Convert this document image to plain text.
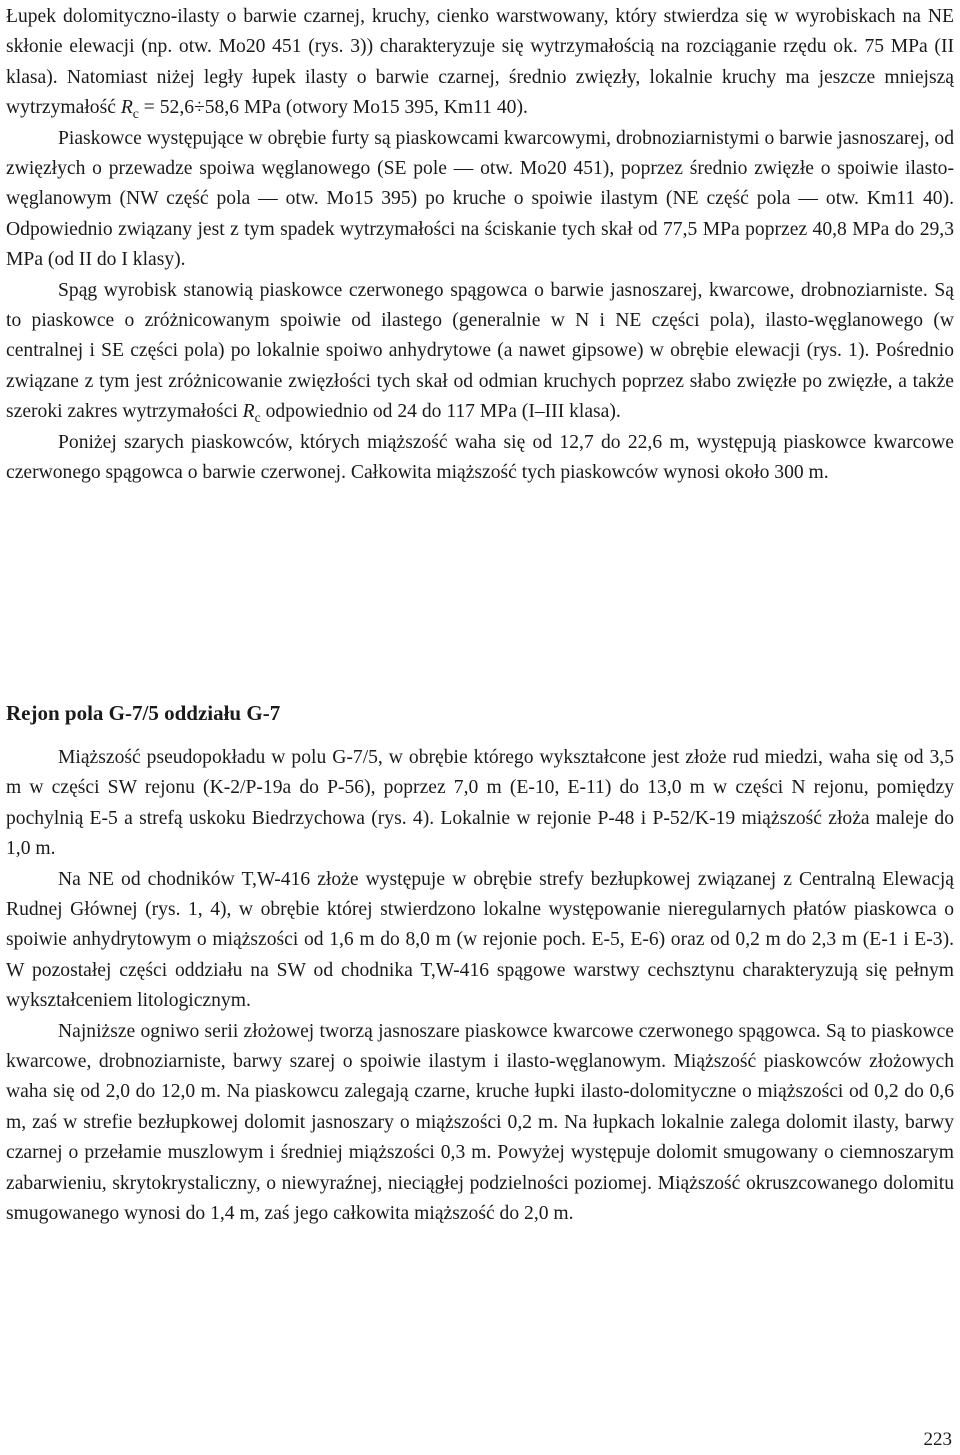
Łupek dolomityczno-ilasty o barwie czarnej, kruchy, cienko warstwowany, który stwierdza się w wyrobiskach na NE skłonie elewacji (np. otw. Mo20 451 (rys. 3)) charakteryzuje się wytrzymałością na rozciąganie rzędu ok. 75 MPa (II klasa). Natomiast niżej legły łupek ilasty o barwie czarnej, średnio zwięzły, lokalnie kruchy ma jeszcze mniejszą wytrzymałość $R_c = 52,6\div 58,6$ MPa (otwory Mo15 395, Km11 40).

Piaskowce występujące w obrębie furty są piaskowcami kwarcowymi, drobnoziarnistymi o barwie jasnoszarej, od zwięzłych o przewadze spoiwa węglanowego (SE pole — otw. Mo20 451), poprzez średnio zwięzłe o spoiwie ilasto-węglanowym (NW część pola — otw. Mo15 395) po kruche o spoiwie ilastym (NE część pola — otw. Km11 40). Odpowiednio związany jest z tym spadek wytrzymałości na ściskanie tych skał od 77,5 MPa poprzez 40,8 MPa do 29,3 MPa (od II do I klasy).

Spąg wyrobisk stanowią piaskowce czerwonego spągowca o barwie jasnoszarej, kwarcowe, drobnoziarniste. Są to piaskowce o zróżnicowanym spoiwie od ilastego (generalnie w N i NE części pola), ilasto-węglanowego (w centralnej i SE części pola) po lokalnie spoiwo anhydrytowe (a nawet gipsowe) w obrębie elewacji (rys. 1). Pośrednio związane z tym jest zróżnicowanie zwięzłości tych skał od odmian kruchych poprzez słabo zwięzłe po zwięzłe, a także szeroki zakres wytrzymałości $R_c$ odpowiednio od 24 do 117 MPa (I–III klasa).

Poniżej szarych piaskowców, których miąższość waha się od 12,7 do 22,6 m, występują piaskowce kwarcowe czerwonego spągowca o barwie czerwonej. Całkowita miąższość tych piaskowców wynosi około 300 m.

Rejon pola G-7/5 oddziału G-7

Miąższość pseudopokładu w polu G-7/5, w obrębie którego wykształcone jest złoże rud miedzi, waha się od 3,5 m w części SW rejonu (K-2/P-19a do P-56), poprzez 7,0 m (E-10, E-11) do 13,0 m w części N rejonu, pomiędzy pochylnią E-5 a strefą uskoku Biedrzychowa (rys. 4). Lokalnie w rejonie P-48 i P-52/K-19 miąższość złoża maleje do 1,0 m.

Na NE od chodników T,W-416 złoże występuje w obrębie strefy bezłupkowej związanej z Centralną Elewacją Rudnej Głównej (rys. 1, 4), w obrębie której stwierdzono lokalne występowanie nieregularnych płatów piaskowca o spoiwie anhydrytowym o miąższości od 1,6 m do 8,0 m (w rejonie poch. E-5, E-6) oraz od 0,2 m do 2,3 m (E-1 i E-3). W pozostałej części oddziału na SW od chodnika T,W-416 spągowe warstwy cechsztynu charakteryzują się pełnym wykształceniem litologicznym.

Najniższe ogniwo serii złożowej tworzą jasnoszare piaskowce kwarcowe czerwonego spągowca. Są to piaskowce kwarcowe, drobnoziarniste, barwy szarej o spoiwie ilastym i ilasto-węglanowym. Miąższość piaskowców złożowych waha się od 2,0 do 12,0 m. Na piaskowcu zalegają czarne, kruche łupki ilasto-dolomityczne o miąższości od 0,2 do 0,6 m, zaś w strefie bezłupkowej dolomit jasnoszary o miąższości 0,2 m. Na łupkach lokalnie zalega dolomit ilasty, barwy czarnej o przełamie muszlowym i średniej miąższości 0,3 m. Powyżej występuje dolomit smugowany o ciemnoszarym zabarwieniu, skrytokrystaliczny, o niewyraźnej, nieciągłej podzielności poziomej. Miąższość okruszcowanego dolomitu smugowanego wynosi do 1,4 m, zaś jego całkowita miąższość do 2,0 m.

223
